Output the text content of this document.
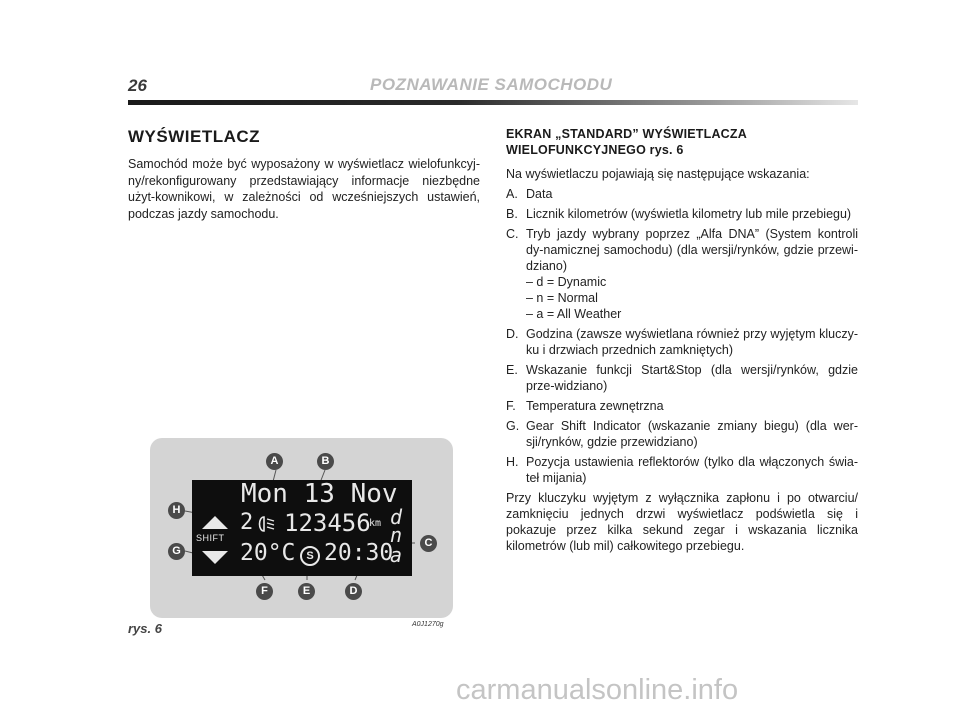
26	POZNAWANIE SAMOCHODU
WYŚWIETLACZ
Samochód może być wyposażony w wyświetlacz wielofunkcyj-ny/rekonfigurowany przedstawiający informacje niezbędne użyt-kownikowi, w zależności od wcześniejszych ustawień, podczas jazdy samochodu.
EKRAN „STANDARD” WYŚWIETLACZA WIELOFUNKCYJNEGO rys. 6
Na wyświetlaczu pojawiają się następujące wskazania:
A. Data
B. Licznik kilometrów (wyświetla kilometry lub mile przebiegu)
C. Tryb jazdy wybrany poprzez „Alfa DNA” (System kontroli dy-namicznej samochodu) (dla wersji/rynków, gdzie przewi-dziano)
– d = Dynamic
– n = Normal
– a = All Weather
D. Godzina (zawsze wyświetlana również przy wyjętym kluczy-ku i drzwiach przednich zamkniętych)
E. Wskazanie funkcji Start&Stop (dla wersji/rynków, gdzie prze-widziano)
F. Temperatura zewnętrzna
G. Gear Shift Indicator (wskazanie zmiany biegu) (dla wer-sji/rynków, gdzie przewidziano)
H. Pozycja ustawienia reflektorów (tylko dla włączonych świa-teł mijania)
Przy kluczyku wyjętym z wyłącznika zapłonu i po otwarciu/ zamknięciu jednych drzwi wyświetlacz podświetla się i pokazuje przez kilka sekund zegar i wskazania licznika kilometrów (lub mil) całkowitego przebiegu.
Mon 13 Nov
SHIFT
2 123456
km d
n
a
20°C S 20:30
A	B
H
C
G
F	E	D
rys. 6	A0J1270g
carmanualsonline.info
